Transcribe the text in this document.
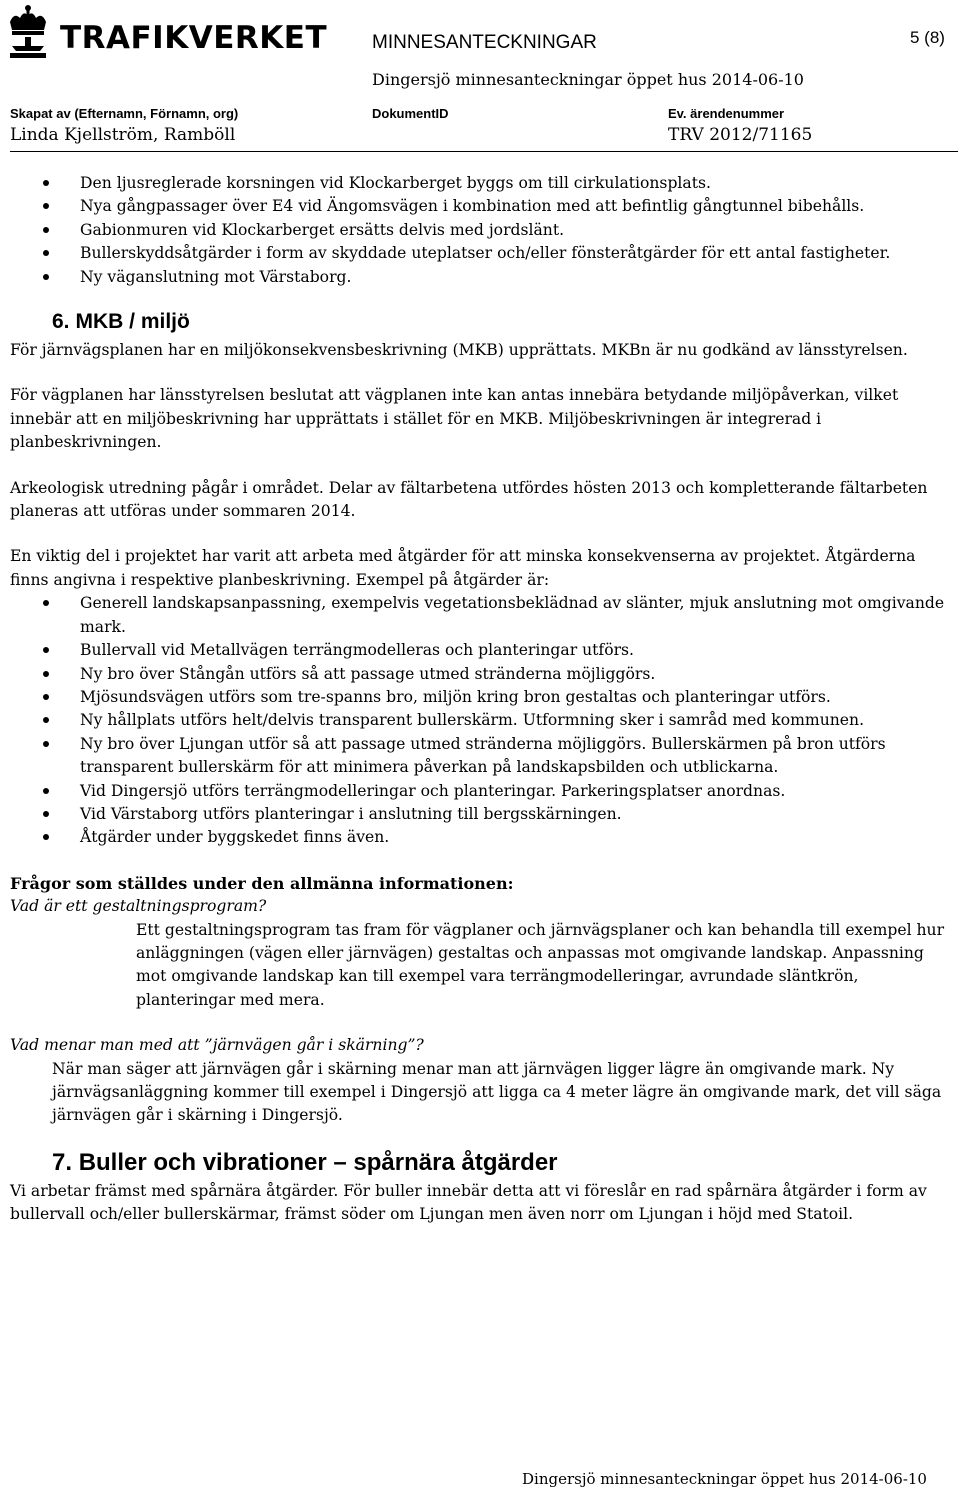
TRAFIKVERKET MINNESANTECKNINGAR	5 (8)
Dingersjö minnesanteckningar öppet hus 2014-06-10
Skapat av (Efternamn, Förnamn, org)
Linda Kjellström, Ramböll
DokumentID	Ev. ärendenummer
TRV 2012/71165
Den ljusreglerade korsningen vid Klockarberget byggs om till cirkulationsplats.
Nya gångpassager över E4 vid Ängomsvägen i kombination med att befintlig gångtunnel bibehålls.
Gabionmuren vid Klockarberget ersätts delvis med jordslänt.
Bullerskyddsåtgärder i form av skyddade uteplatser och/eller fönsteråtgärder för ett antal fastigheter.
Ny väganslutning mot Värstaborg.
6. MKB / miljö

För järnvägsplanen har en miljökonsekvensbeskrivning (MKB) upprättats. MKBn är nu godkänd av länsstyrelsen.

För vägplanen har länsstyrelsen beslutat att vägplanen inte kan antas innebära betydande miljöpåverkan, vilket innebär att en miljöbeskrivning har upprättats i stället för en MKB. Miljöbeskrivningen är integrerad i planbeskrivningen.

Arkeologisk utredning pågår i området. Delar av fältarbetena utfördes hösten 2013 och kompletterande fältarbeten planeras att utföras under sommaren 2014.

En viktig del i projektet har varit att arbeta med åtgärder för att minska konsekvenserna av projektet. Åtgärderna finns angivna i respektive planbeskrivning. Exempel på åtgärder är:

Generell landskapsanpassning, exempelvis vegetationsbeklädnad av slänter, mjuk anslutning mot omgivande mark.
Bullervall vid Metallvägen terrängmodelleras och planteringar utförs.
Ny bro över Stångån utförs så att passage utmed stränderna möjliggörs.
Mjösundsvägen utförs som tre-spanns bro, miljön kring bron gestaltas och planteringar utförs.
Ny hållplats utförs helt/delvis transparent bullerskärm. Utformning sker i samråd med kommunen.
Ny bro över Ljungan utför så att passage utmed stränderna möjliggörs. Bullerskärmen på bron utförs transparent bullerskärm för att minimera påverkan på landskapsbilden och utblickarna.
Vid Dingersjö utförs terrängmodelleringar och planteringar. Parkeringsplatser anordnas.
Vid Värstaborg utförs planteringar i anslutning till bergsskärningen.
Åtgärder under byggskedet finns även.

Frågor som ställdes under den allmänna informationen:

Vad är ett gestaltningsprogram?

Ett gestaltningsprogram tas fram för vägplaner och järnvägsplaner och kan behandla till exempel hur anläggningen (vägen eller järnvägen) gestaltas och anpassas mot omgivande landskap. Anpassning mot omgivande landskap kan till exempel vara terrängmodelleringar, avrundade släntkrön, planteringar med mera.

Vad menar man med att ”järnvägen går i skärning”?

När man säger att järnvägen går i skärning menar man att järnvägen ligger lägre än omgivande mark. Ny järnvägsanläggning kommer till exempel i Dingersjö att ligga ca 4 meter lägre än omgivande mark, det vill säga järnvägen går i skärning i Dingersjö.

7. Buller och vibrationer – spårnära åtgärder

Vi arbetar främst med spårnära åtgärder. För buller innebär detta att vi föreslår en rad spårnära åtgärder i form av bullervall och/eller bullerskärmar, främst söder om Ljungan men även norr om Ljungan i höjd med Statoil.

Dingersjö minnesanteckningar öppet hus 2014-06-10
